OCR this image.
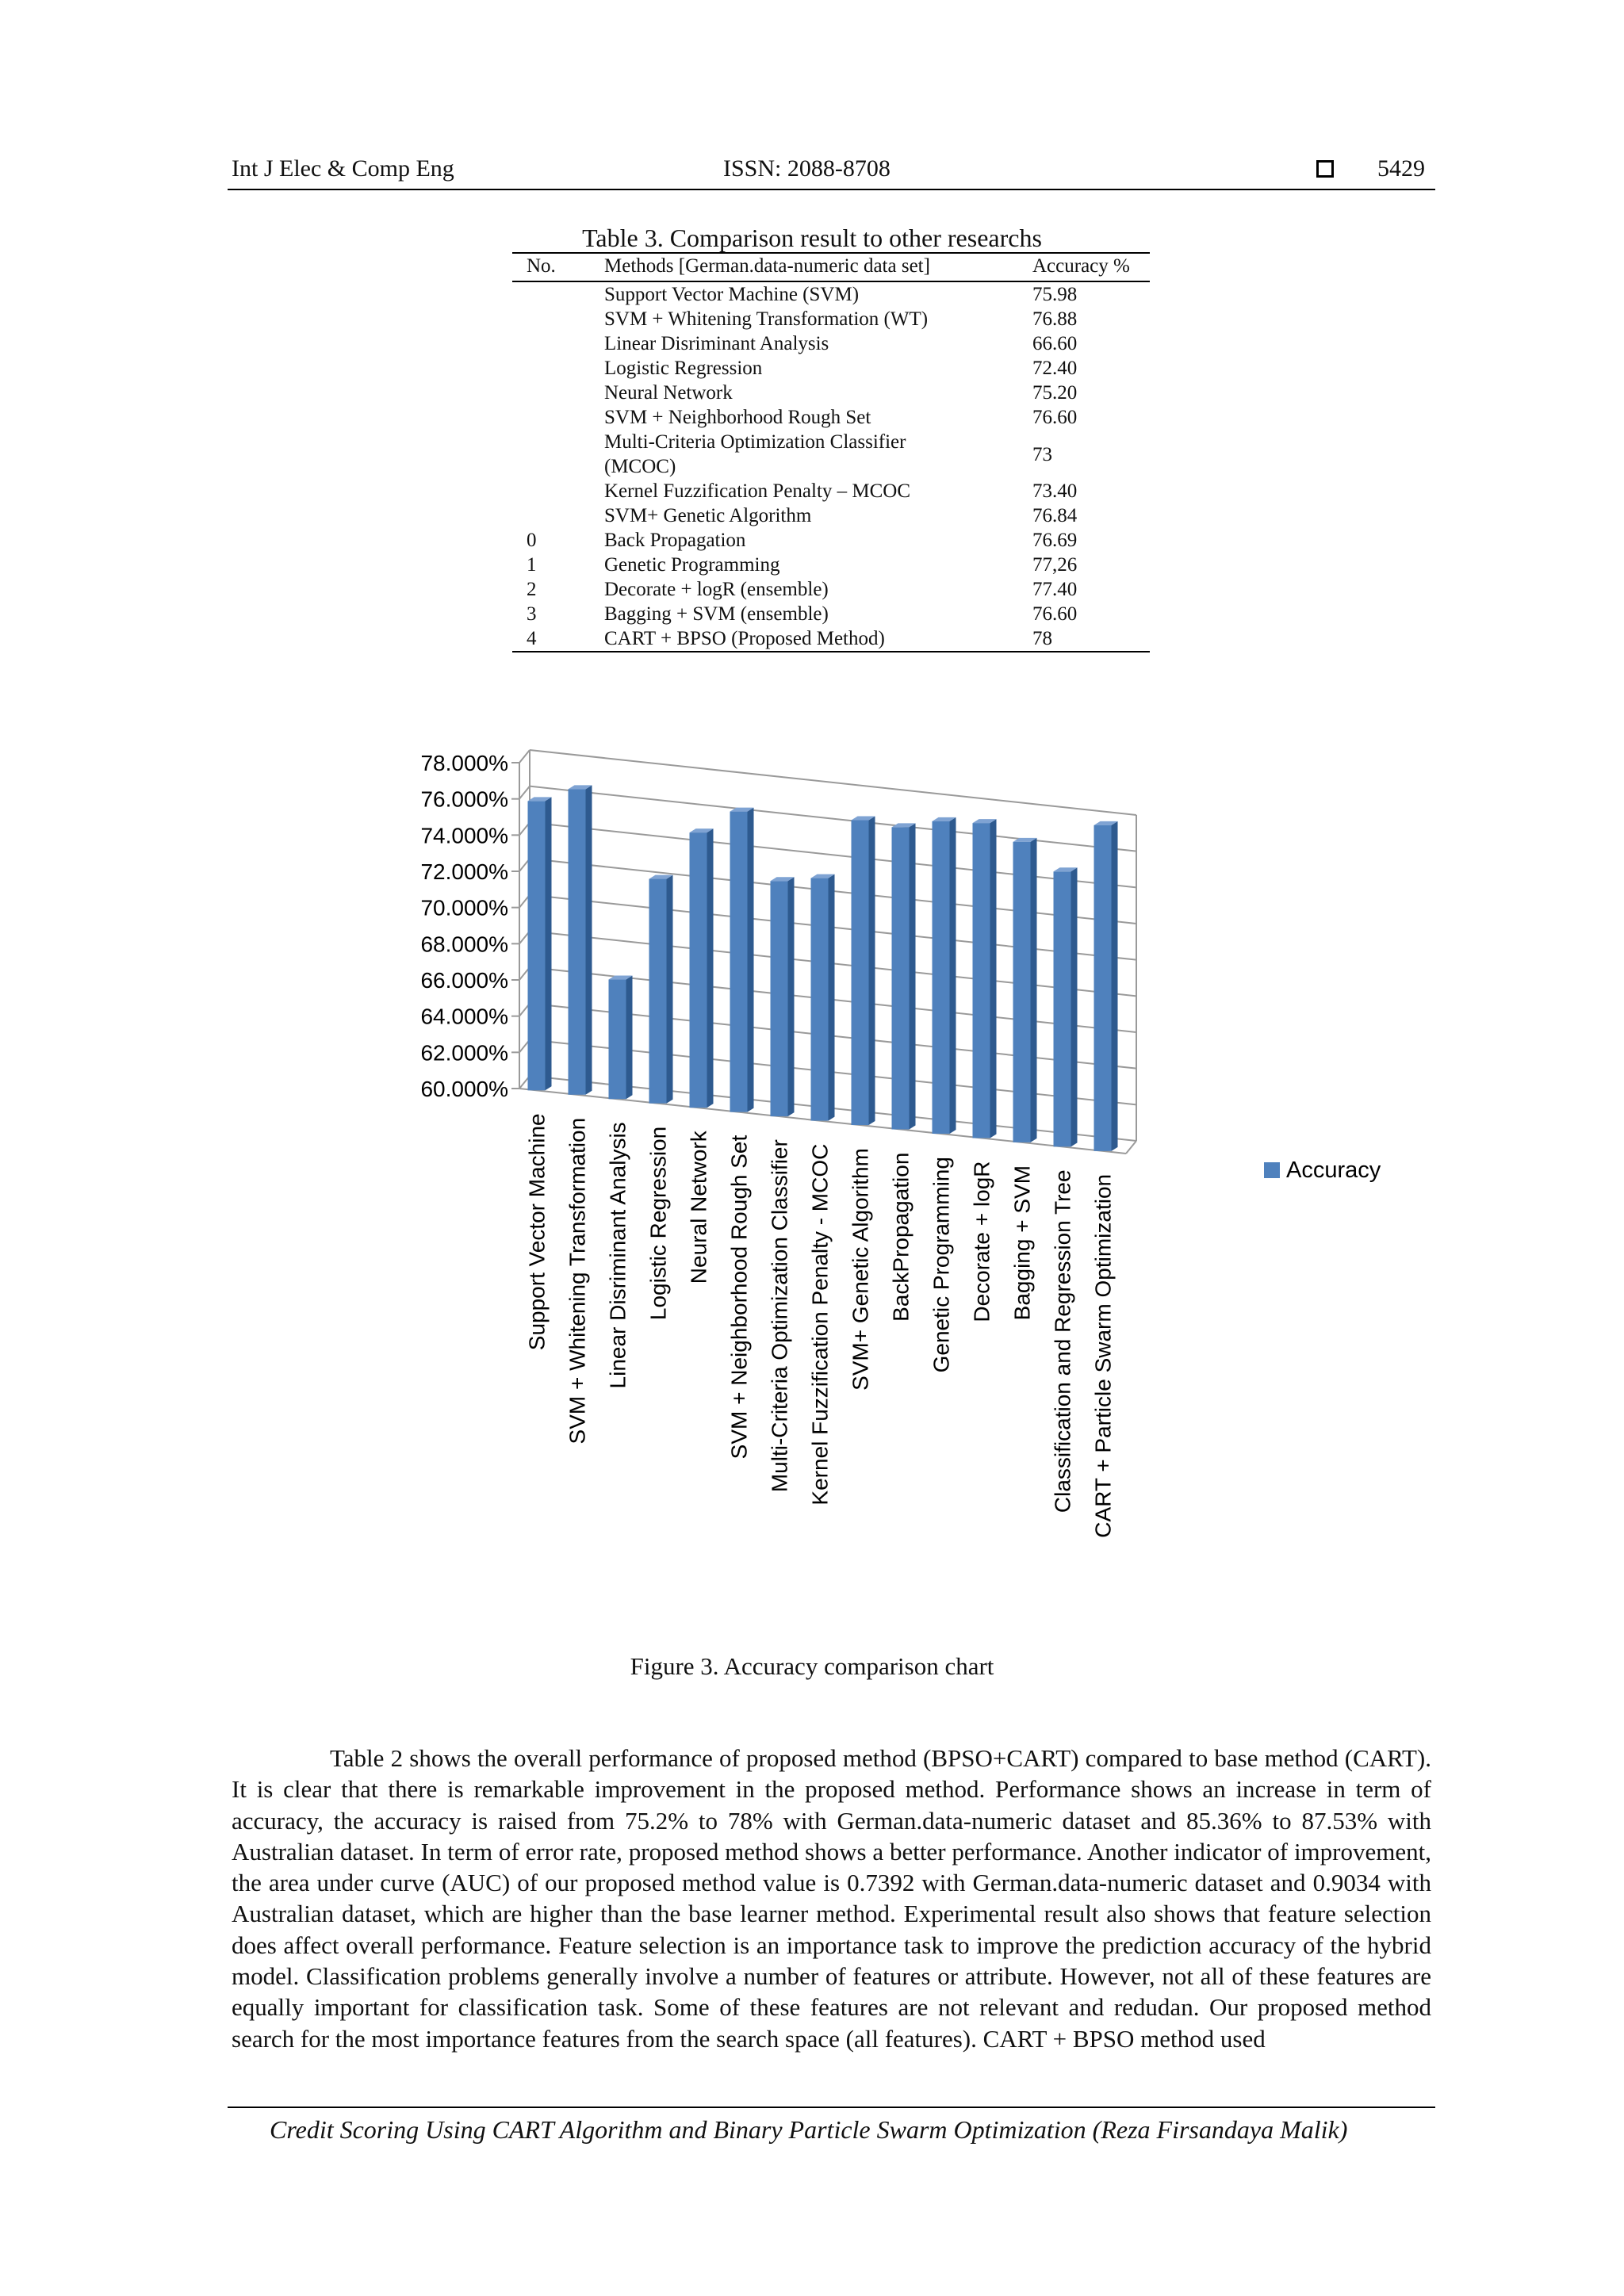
Int J Elec & Comp Eng	ISSN: 2088-8708	5429
Table 3. Comparison result to other researchs
No.	Methods [German.data-numeric data set]	Accuracy %
	Support Vector Machine (SVM)	75.98
	SVM + Whitening Transformation (WT)	76.88
	Linear Disriminant Analysis	66.60
	Logistic Regression	72.40
	Neural Network	75.20
	SVM + Neighborhood Rough Set	76.60

	Multi-Criteria Optimization Classifier
(MCOC)	73
	Kernel Fuzzification Penalty – MCOC	73.40
	SVM+ Genetic Algorithm	76.84
0	Back Propagation	76.69
1	Genetic Programming	77,26
2	Decorate + logR (ensemble)	77.40
3	Bagging + SVM (ensemble)	76.60
4	CART + BPSO (Proposed Method)	78
60.000%
62.000%
64.000%
66.000%
68.000%
70.000%
72.000%
74.000%
76.000%
78.000%
Support Vector Machine SVM + Whitening Transformation Linear Disriminant Analysis Logistic Regression Neural Network SVM + Neighborhood Rough Set Multi-Criteria Optimization Classifier Kernel Fuzzification Penalty - MCOC SVM+ Genetic Algorithm BackPropagation Genetic Programming Decorate + logR Bagging + SVM Classification and Regression Tree CART + Particle Swarm Optimization
Accuracy
Figure 3. Accuracy comparison chart
Table 2 shows the overall performance of proposed method (BPSO+CART) compared to base method (CART). It is clear that there is remarkable improvement in the proposed method. Performance shows an increase in term of accuracy, the accuracy is raised from 75.2% to 78% with German.data-numeric dataset and 85.36% to 87.53% with Australian dataset. In term of error rate, proposed method shows a better performance. Another indicator of improvement, the area under curve (AUC) of our proposed method value is 0.7392 with German.data-numeric dataset and 0.9034 with Australian dataset, which are higher than the base learner method. Experimental result also shows that feature selection does affect overall performance. Feature selection is an importance task to improve the prediction accuracy of the hybrid model. Classification problems generally involve a number of features or attribute. However, not all of these features are equally important for classification task. Some of these features are not relevant and redudan. Our proposed method search for the most importance features from the search space (all features). CART + BPSO method used
Credit Scoring Using CART Algorithm and Binary Particle Swarm Optimization (Reza Firsandaya Malik)
